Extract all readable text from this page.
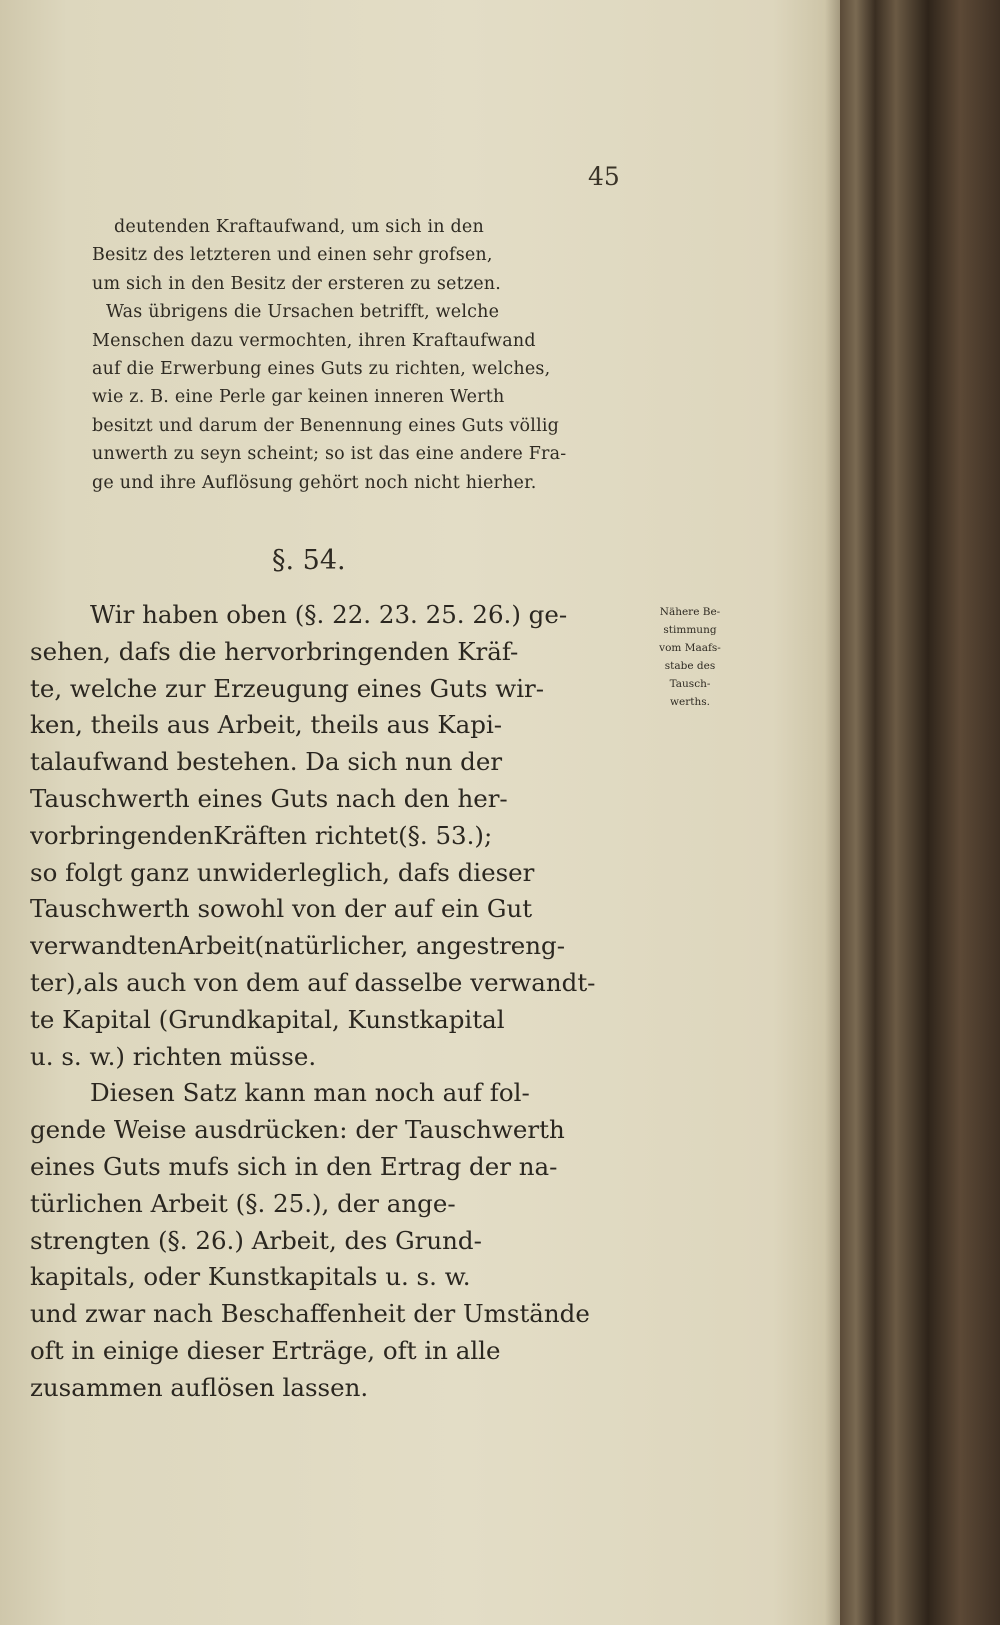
45
deutenden Kraftaufwand, um sich in den
Besitz des letzteren und einen sehr grofsen,
um sich in den Besitz der ersteren zu setzen.
Was übrigens die Ursachen betrifft, welche
Menschen dazu vermochten, ihren Kraftaufwand
auf die Erwerbung eines Guts zu richten, welches,
wie z. B. eine Perle gar keinen inneren Werth
besitzt und darum der Benennung eines Guts völlig
unwerth zu seyn scheint; so ist das eine andere Fra-
ge und ihre Auflösung gehört noch nicht hierher.
§. 54.
Wir haben oben (§. 22. 23. 25. 26.) ge-
sehen, dafs die hervorbringenden Kräf-
te, welche zur Erzeugung eines Guts wir-
ken, theils aus Arbeit, theils aus Kapi-
talaufwand bestehen. Da sich nun der
Tauschwerth eines Guts nach den her-
vorbringendenKräften richtet(§. 53.);
so folgt ganz unwiderleglich, dafs dieser
Tauschwerth sowohl von der auf ein Gut
verwandtenArbeit(natürlicher, angestreng-
ter),als auch von dem auf dasselbe verwandt-
te Kapital (Grundkapital, Kunstkapital
u. s. w.) richten müsse.
Diesen Satz kann man noch auf fol-
gende Weise ausdrücken: der Tauschwerth
eines Guts mufs sich in den Ertrag der na-
türlichen Arbeit (§. 25.), der ange-
strengten (§. 26.) Arbeit, des Grund-
kapitals, oder Kunstkapitals u. s. w.
und zwar nach Beschaffenheit der Umstände
oft in einige dieser Erträge, oft in alle
zusammen auflösen lassen.
Nähere Be-
stimmung
vom Maafs-
stabe des
Tausch-
werths.
